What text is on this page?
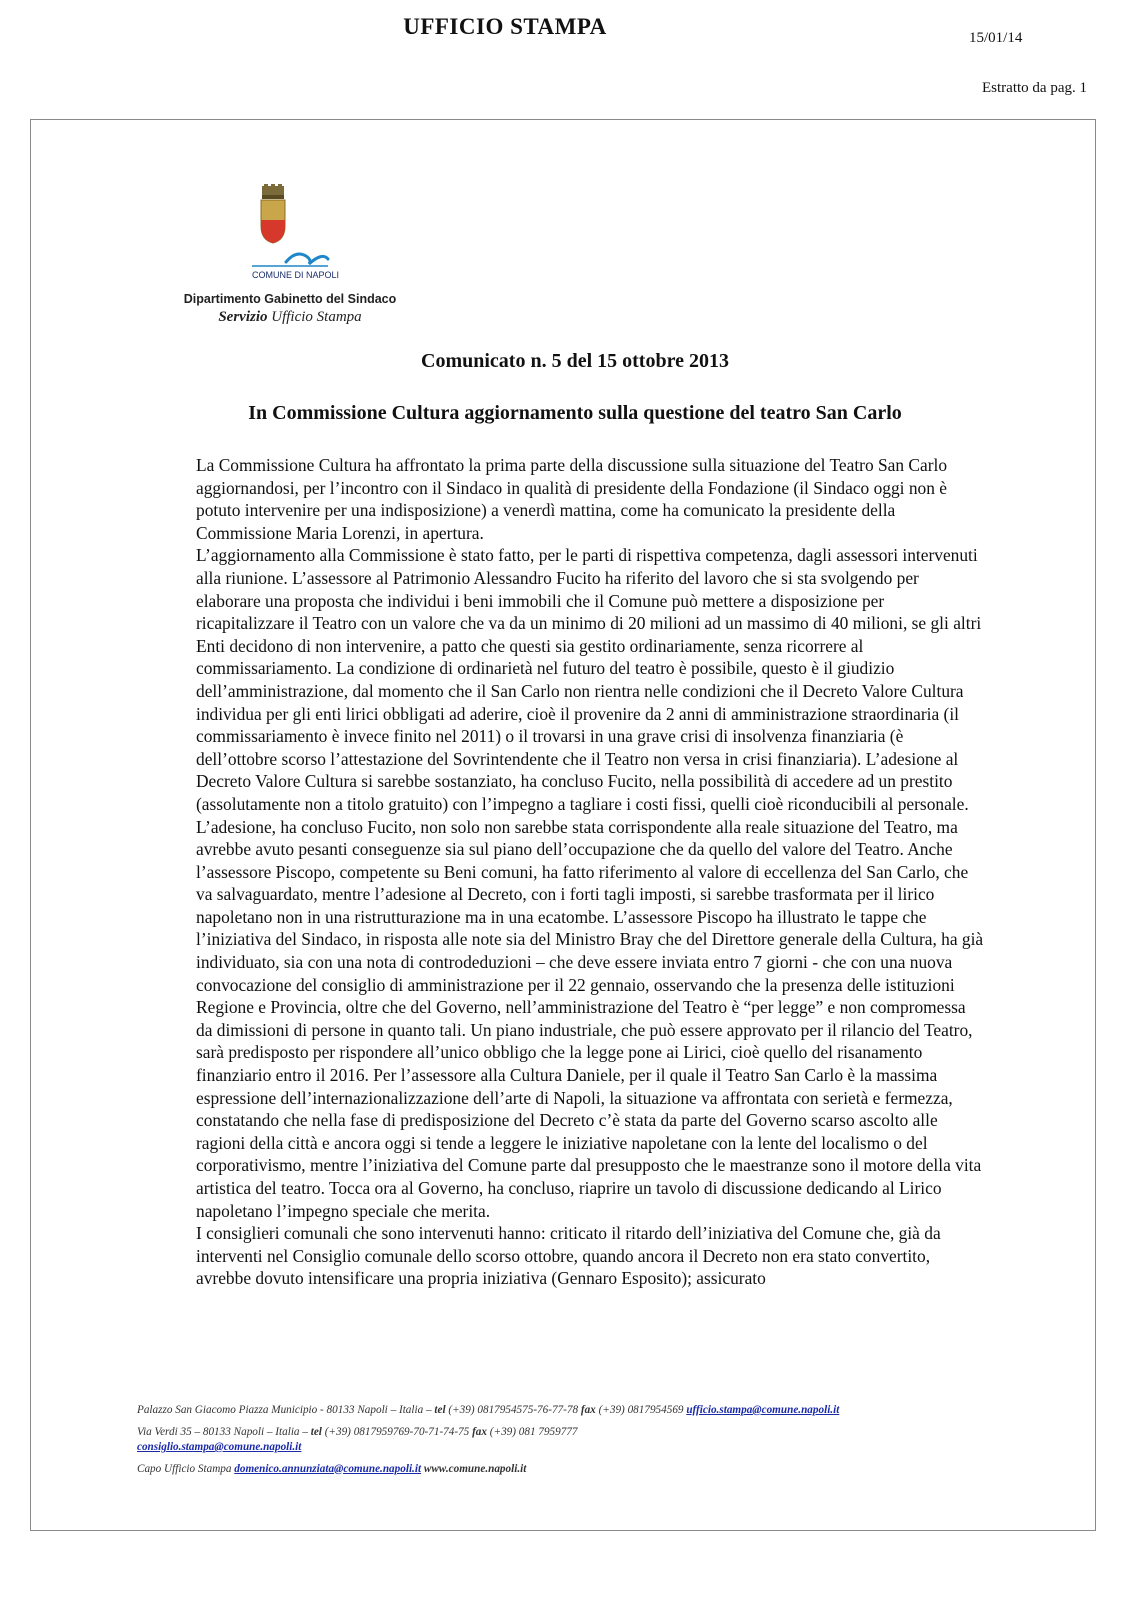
UFFICIO STAMPA	15/01/14
Estratto da pag. 1
COMUNE DI NAPOLI
Dipartimento Gabinetto del Sindaco
Servizio Ufficio Stampa
Comunicato n. 5 del 15 ottobre 2013
In Commissione Cultura aggiornamento sulla questione del teatro San Carlo

La Commissione Cultura ha affrontato la prima parte della discussione sulla situazione del Teatro San Carlo aggiornandosi, per l’incontro con il Sindaco in qualità di presidente della Fondazione (il Sindaco oggi non è potuto intervenire per una indisposizione) a venerdì mattina, come ha comunicato la presidente della Commissione Maria Lorenzi, in apertura.

L’aggiornamento alla Commissione è stato fatto, per le parti di rispettiva competenza, dagli assessori intervenuti alla riunione. L’assessore al Patrimonio Alessandro Fucito ha riferito del lavoro che si sta svolgendo per elaborare una proposta che individui i beni immobili che il Comune può mettere a disposizione per ricapitalizzare il Teatro con un valore che va da un minimo di 20 milioni ad un massimo di 40 milioni, se gli altri Enti decidono di non intervenire, a patto che questi sia gestito ordinariamente, senza ricorrere al commissariamento. La condizione di ordinarietà nel futuro del teatro è possibile, questo è il giudizio dell’amministrazione, dal momento che il San Carlo non rientra nelle condizioni che il Decreto Valore Cultura individua per gli enti lirici obbligati ad aderire, cioè il provenire da 2 anni di amministrazione straordinaria (il commissariamento è invece finito nel 2011) o il trovarsi in una grave crisi di insolvenza finanziaria (è dell’ottobre scorso l’attestazione del Sovrintendente che il Teatro non versa in crisi finanziaria). L’adesione al Decreto Valore Cultura si sarebbe sostanziato, ha concluso Fucito, nella possibilità di accedere ad un prestito (assolutamente non a titolo gratuito) con l’impegno a tagliare i costi fissi, quelli cioè riconducibili al personale. L’adesione, ha concluso Fucito, non solo non sarebbe stata corrispondente alla reale situazione del Teatro, ma avrebbe avuto pesanti conseguenze sia sul piano dell’occupazione che da quello del valore del Teatro. Anche l’assessore Piscopo, competente su Beni comuni, ha fatto riferimento al valore di eccellenza del San Carlo, che va salvaguardato, mentre l’adesione al Decreto, con i forti tagli imposti, si sarebbe trasformata per il lirico napoletano non in una ristrutturazione ma in una ecatombe. L’assessore Piscopo ha illustrato le tappe che l’iniziativa del Sindaco, in risposta alle note sia del Ministro Bray che del Direttore generale della Cultura, ha già individuato, sia con una nota di controdeduzioni – che deve essere inviata entro 7 giorni - che con una nuova convocazione del consiglio di amministrazione per il 22 gennaio, osservando che la presenza delle istituzioni Regione e Provincia, oltre che del Governo, nell’amministrazione del Teatro è “per legge” e non compromessa da dimissioni di persone in quanto tali. Un piano industriale, che può essere approvato per il rilancio del Teatro, sarà predisposto per rispondere all’unico obbligo che la legge pone ai Lirici, cioè quello del risanamento finanziario entro il 2016. Per l’assessore alla Cultura Daniele, per il quale il Teatro San Carlo è la massima espressione dell’internazionalizzazione dell’arte di Napoli, la situazione va affrontata con serietà e fermezza, constatando che nella fase di predisposizione del Decreto c’è stata da parte del Governo scarso ascolto alle ragioni della città e ancora oggi si tende a leggere le iniziative napoletane con la lente del localismo o del corporativismo, mentre l’iniziativa del Comune parte dal presupposto che le maestranze sono il motore della vita artistica del teatro. Tocca ora al Governo, ha concluso, riaprire un tavolo di discussione dedicando al Lirico napoletano l’impegno speciale che merita.

I consiglieri comunali che sono intervenuti hanno: criticato il ritardo dell’iniziativa del Comune che, già da interventi nel Consiglio comunale dello scorso ottobre, quando ancora il Decreto non era stato convertito, avrebbe dovuto intensificare una propria iniziativa (Gennaro Esposito); assicurato

Palazzo San Giacomo Piazza Municipio - 80133 Napoli – Italia – tel (+39) 0817954575-76-77-78 fax (+39) 0817954569 ufficio.stampa@comune.napoli.it
Via Verdi 35 – 80133 Napoli – Italia – tel (+39) 0817959769-70-71-74-75 fax (+39) 081 7959777
consiglio.stampa@comune.napoli.it
Capo Ufficio Stampa domenico.annunziata@comune.napoli.it www.comune.napoli.it
